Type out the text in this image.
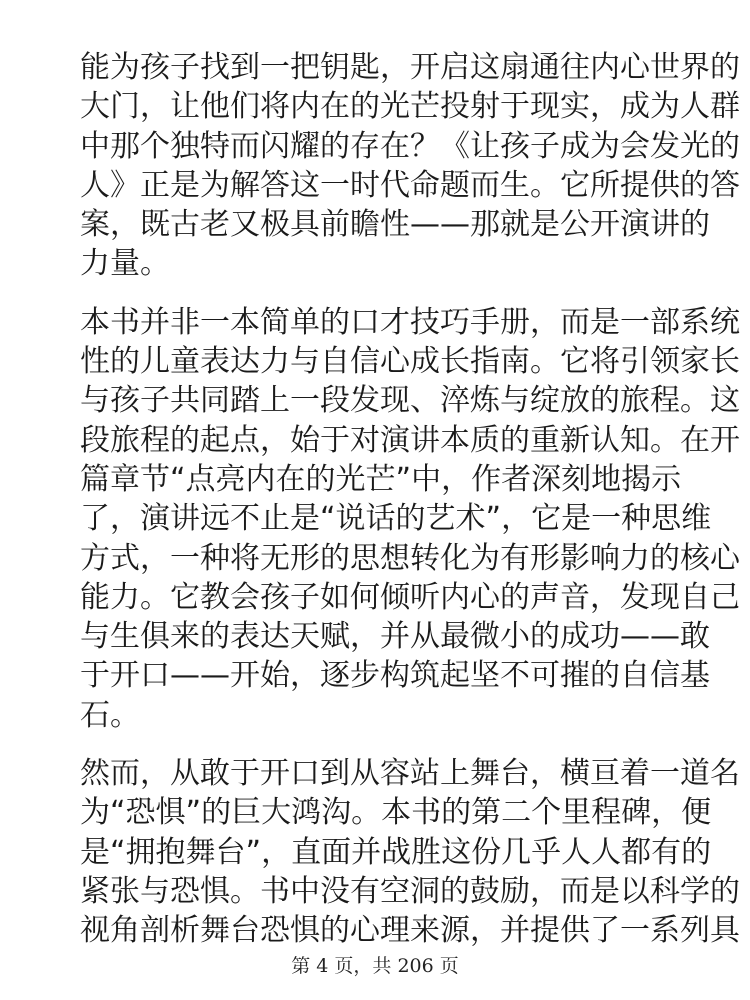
能为孩子找到一把钥匙，开启这扇通往内心世界的
大门，让他们将内在的光芒投射于现实，成为人群
中那个独特而闪耀的存在？《让孩子成为会发光的
人》正是为解答这一时代命题而生。它所提供的答
案，既古老又极具前瞻性——那就是公开演讲的
力量。
本书并非一本简单的口才技巧手册，而是一部系统
性的儿童表达力与自信心成长指南。它将引领家长
与孩子共同踏上一段发现、淬炼与绽放的旅程。这
段旅程的起点，始于对演讲本质的重新认知。在开
篇章节“点亮内在的光芒”中，作者深刻地揭示
了，演讲远不止是“说话的艺术”，它是一种思维
方式，一种将无形的思想转化为有形影响力的核心
能力。它教会孩子如何倾听内心的声音，发现自己
与生俱来的表达天赋，并从最微小的成功——敢
于开口——开始，逐步构筑起坚不可摧的自信基
石。
然而，从敢于开口到从容站上舞台，横亘着一道名
为“恐惧”的巨大鸿沟。本书的第二个里程碑，便
是“拥抱舞台”，直面并战胜这份几乎人人都有的
紧张与恐惧。书中没有空洞的鼓励，而是以科学的
视角剖析舞台恐惧的心理来源，并提供了一系列具
第 4 页，共 206 页
